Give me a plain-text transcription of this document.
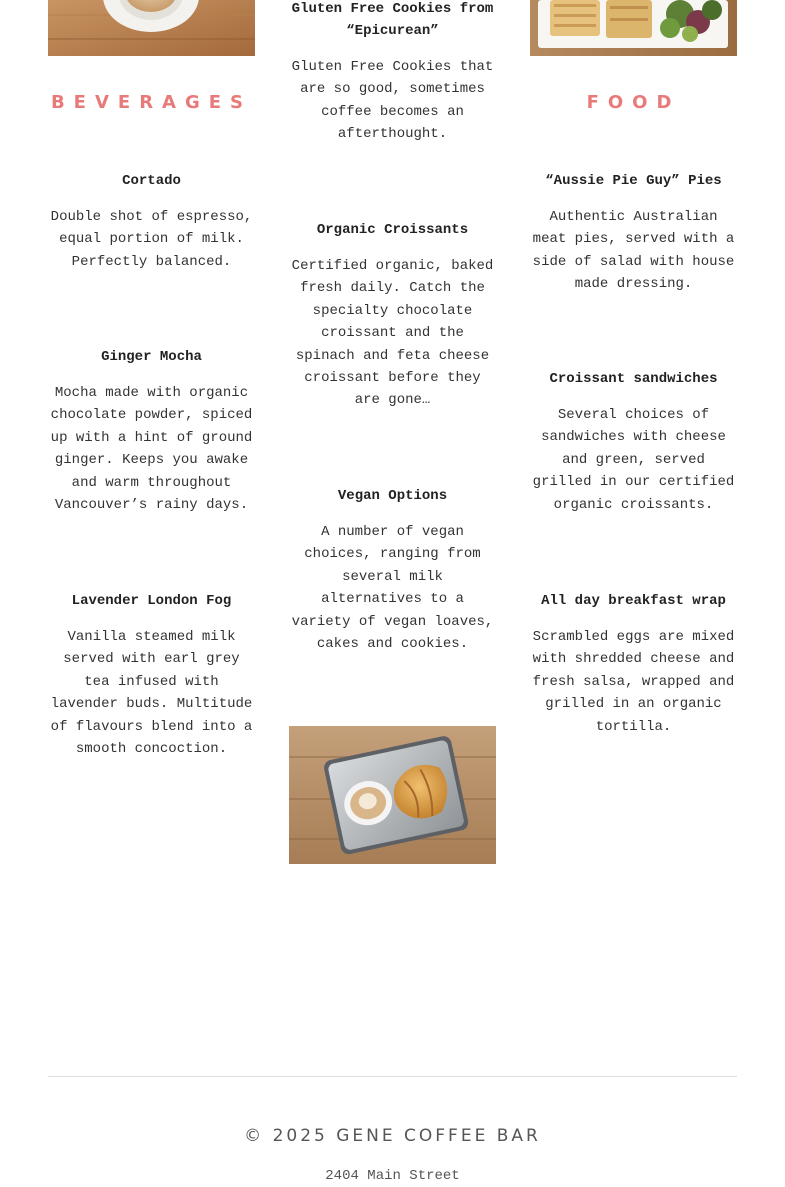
BEVERAGES
Cortado
Double shot of espresso, equal portion of milk. Perfectly balanced.
Ginger Mocha
Mocha made with organic chocolate powder, spiced up with a hint of ground ginger. Keeps you awake and warm throughout Vancouver’s rainy days.
Lavender London Fog
Vanilla steamed milk served with earl grey tea infused with lavender buds. Multitude of flavours blend into a smooth concoction.
Gluten Free Cookies from “Epicurean”
Gluten Free Cookies that are so good, sometimes coffee becomes an afterthought.
Organic Croissants
Certified organic, baked fresh daily. Catch the specialty chocolate croissant and the spinach and feta cheese croissant before they are gone…
Vegan Options
A number of vegan choices, ranging from several milk alternatives to a variety of vegan loaves, cakes and cookies.
FOOD
“Aussie Pie Guy” Pies
Authentic Australian meat pies, served with a side of salad with house made dressing.
Croissant sandwiches
Several choices of sandwiches with cheese and green, served grilled in our certified organic croissants.
All day breakfast wrap
Scrambled eggs are mixed with shredded cheese and fresh salsa, wrapped and grilled in an organic tortilla.
© 2025 GENE COFFEE BAR
2404 Main Street
